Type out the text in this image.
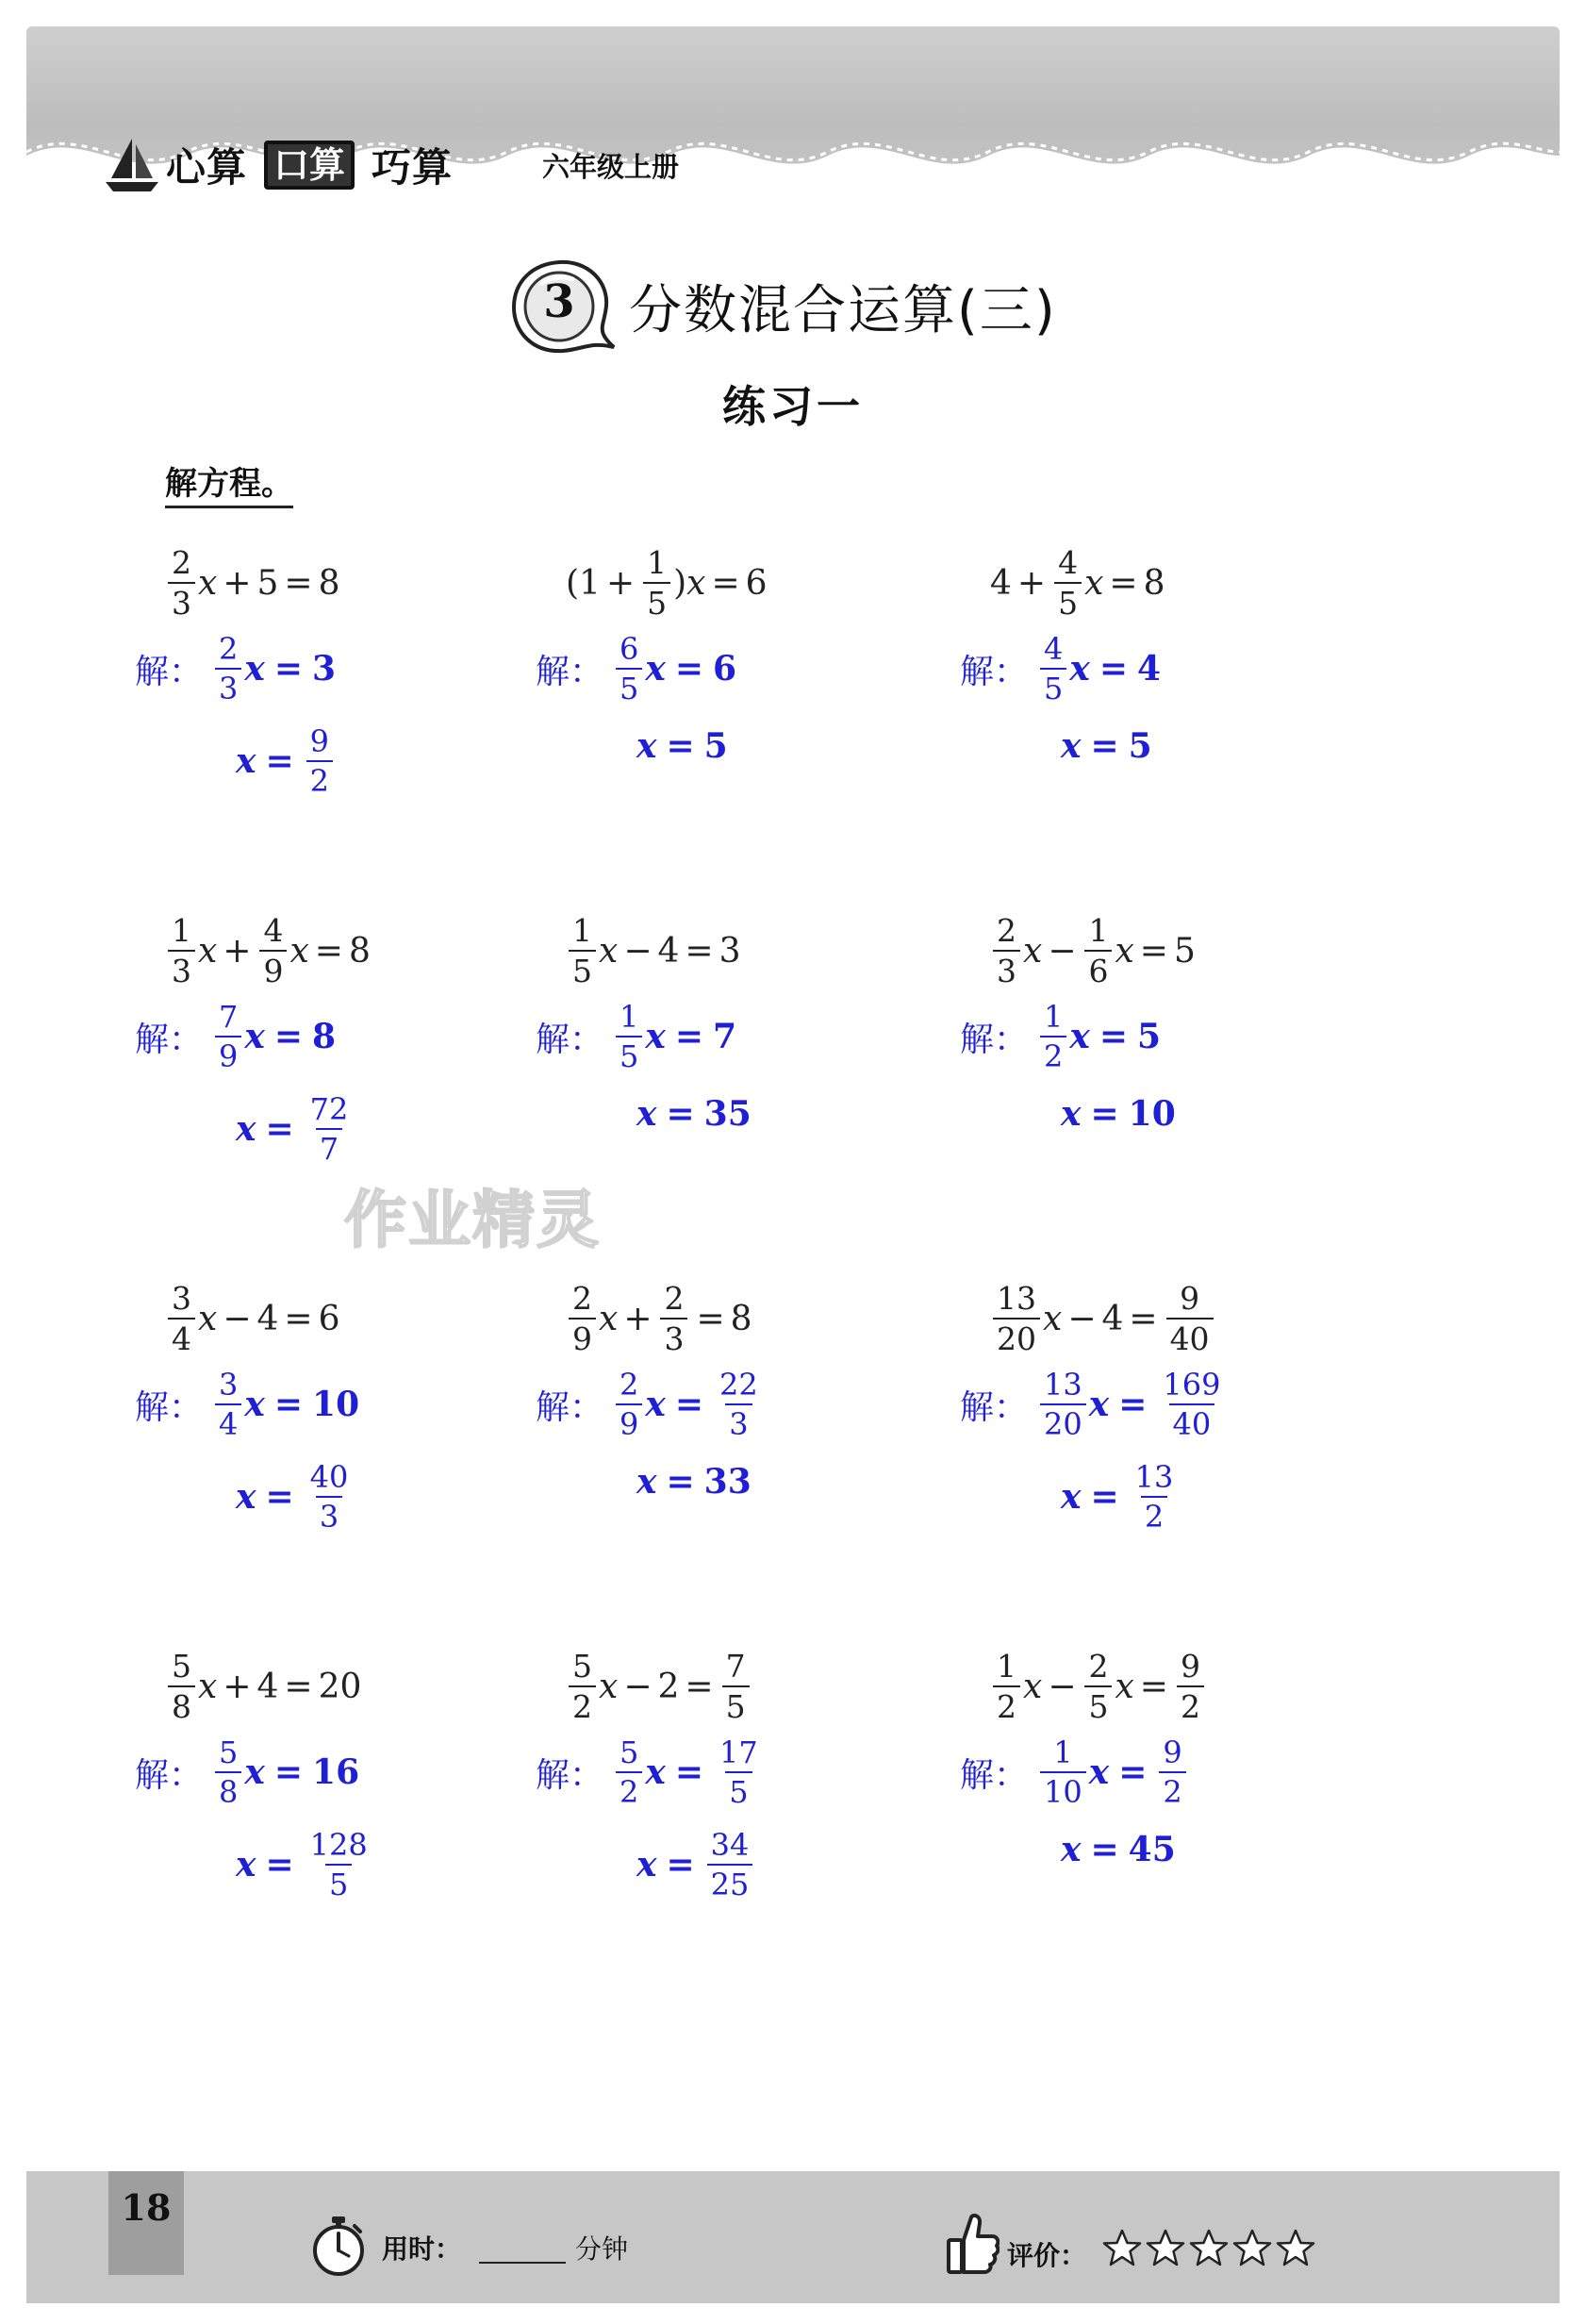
心算 口算 巧算	六年级上册
3	分数混合运算(三)
练习一
解方程。
作业精灵
$\frac{2}{3}$ x + 5 = 8
解： $\frac{2}{3}$ x = 3
$x = \frac{9}{2}$
($1 + \frac{1}{5}$ ) x = 6
解： $\frac{6}{5}$ x = 6
x = 5
$4 + \frac{4}{5}$ x = 8
解： $\frac{4}{5}$ x = 4
x = 5
$\frac{1}{3}$ $x + \frac{4}{9}$ x = 8
解： $\frac{7}{9}$ x = 8
$x = \frac{72}{7}$
$\frac{1}{5}$ x − 4 = 3
解： $\frac{1}{5}$ x = 7
x = 35
$\frac{2}{3}$ $x - \frac{1}{6}$ x = 5
解： $\frac{1}{2}$ x = 5
x = 10
$\frac{3}{4}$ x − 4 = 6
解： $\frac{3}{4}$ x = 10
$x = \frac{40}{3}$
$\frac{2}{9}$ $x + \frac{2}{3} = 8$
解： $\frac{2}{9}$ $x = \frac{22}{3}$
x = 33
$\frac{13}{20}$ $x - 4 = \frac{9}{40}$
解： $\frac{13}{20}$ $x = \frac{169}{40}$
$x = \frac{13}{2}$
$\frac{5}{8}$ x + 4 = 20
解： $\frac{5}{8}$ x = 16
$x = \frac{128}{5}$
$\frac{5}{2}$ $x - 2 = \frac{7}{5}$
解： $\frac{5}{2}$ $x = \frac{17}{5}$
$x = \frac{34}{25}$
$\frac{1}{2}$ $x - \frac{2}{5}$ $x = \frac{9}{2}$
解： $\frac{1}{10}$ $x = \frac{9}{2}$
x = 45
18
用时：	分钟	评价：
